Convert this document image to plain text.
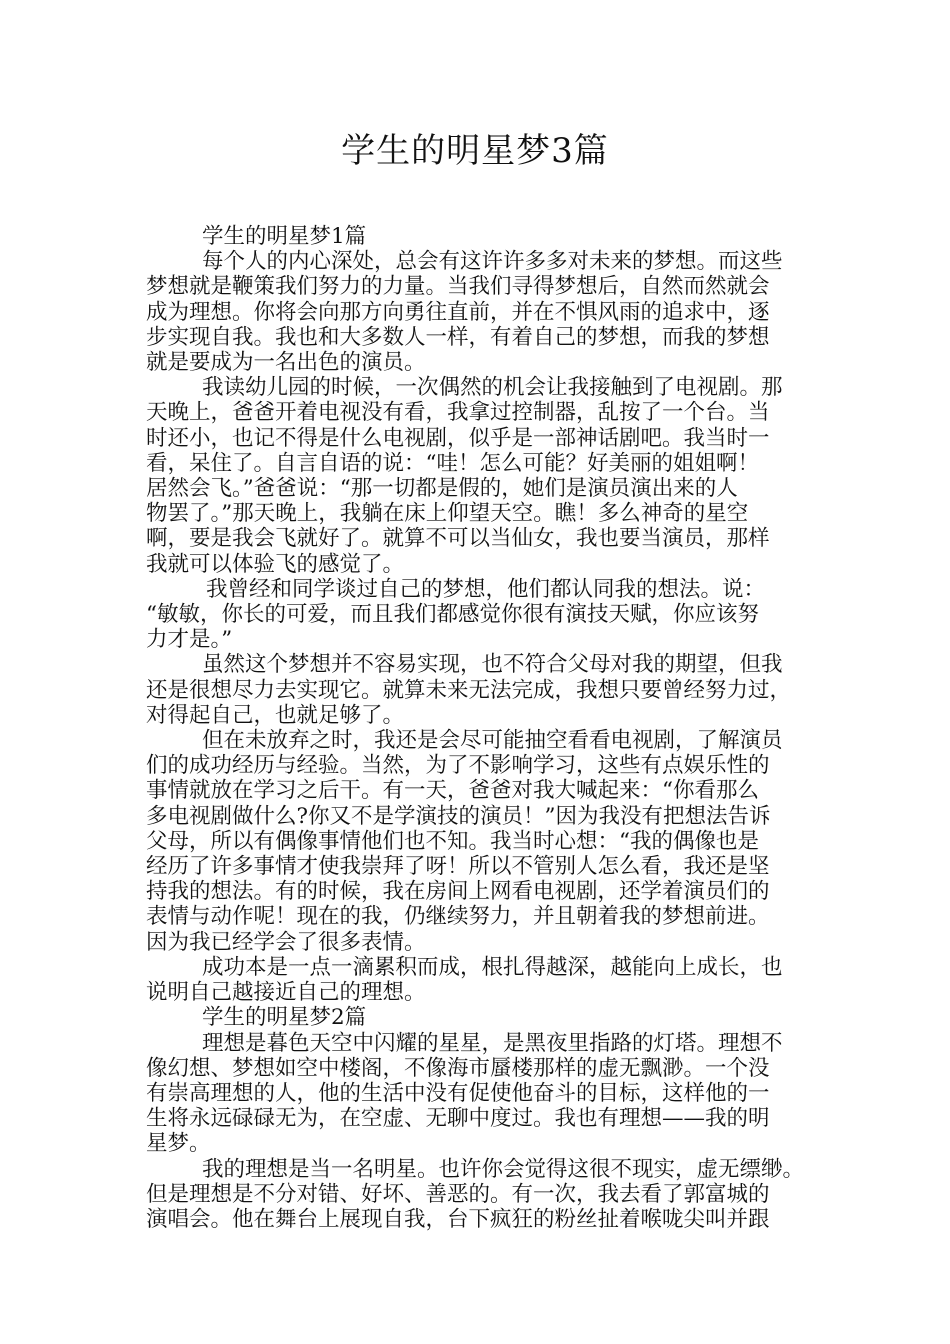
学生的明星梦3篇
学生的明星梦1篇
每个人的内心深处，总会有这许许多多对未来的梦想。而这些
梦想就是鞭策我们努力的力量。当我们寻得梦想后，自然而然就会
成为理想。你将会向那方向勇往直前，并在不惧风雨的追求中，逐
步实现自我。我也和大多数人一样，有着自己的梦想，而我的梦想
就是要成为一名出色的演员。
我读幼儿园的时候，一次偶然的机会让我接触到了电视剧。那
天晚上，爸爸开着电视没有看，我拿过控制器，乱按了一个台。当
时还小，也记不得是什么电视剧，似乎是一部神话剧吧。我当时一
看，呆住了。自言自语的说：“哇！怎么可能？好美丽的姐姐啊！
居然会飞。”爸爸说：“那一切都是假的，她们是演员演出来的人
物罢了。”那天晚上，我躺在床上仰望天空。瞧！多么神奇的星空
啊，要是我会飞就好了。就算不可以当仙女，我也要当演员，那样
我就可以体验飞的感觉了。
我曾经和同学谈过自己的梦想，他们都认同我的想法。说：
“敏敏，你长的可爱，而且我们都感觉你很有演技天赋，你应该努
力才是。”
虽然这个梦想并不容易实现，也不符合父母对我的期望，但我
还是很想尽力去实现它。就算未来无法完成，我想只要曾经努力过，
对得起自己，也就足够了。
但在未放弃之时，我还是会尽可能抽空看看电视剧，了解演员
们的成功经历与经验。当然，为了不影响学习，这些有点娱乐性的
事情就放在学习之后干。有一天，爸爸对我大喊起来：“你看那么
多电视剧做什么?你又不是学演技的演员！”因为我没有把想法告诉
父母，所以有偶像事情他们也不知。我当时心想：“我的偶像也是
经历了许多事情才使我崇拜了呀！所以不管别人怎么看，我还是坚
持我的想法。有的时候，我在房间上网看电视剧，还学着演员们的
表情与动作呢！现在的我，仍继续努力，并且朝着我的梦想前进。
因为我已经学会了很多表情。
成功本是一点一滴累积而成，根扎得越深，越能向上成长，也
说明自己越接近自己的理想。
学生的明星梦2篇
理想是暮色天空中闪耀的星星，是黑夜里指路的灯塔。理想不
像幻想、梦想如空中楼阁，不像海市蜃楼那样的虚无飘渺。一个没
有崇高理想的人，他的生活中没有促使他奋斗的目标，这样他的一
生将永远碌碌无为，在空虚、无聊中度过。我也有理想——我的明
星梦。
我的理想是当一名明星。也许你会觉得这很不现实，虚无缥缈。
但是理想是不分对错、好坏、善恶的。有一次，我去看了郭富城的
演唱会。他在舞台上展现自我，台下疯狂的粉丝扯着喉咙尖叫并跟
